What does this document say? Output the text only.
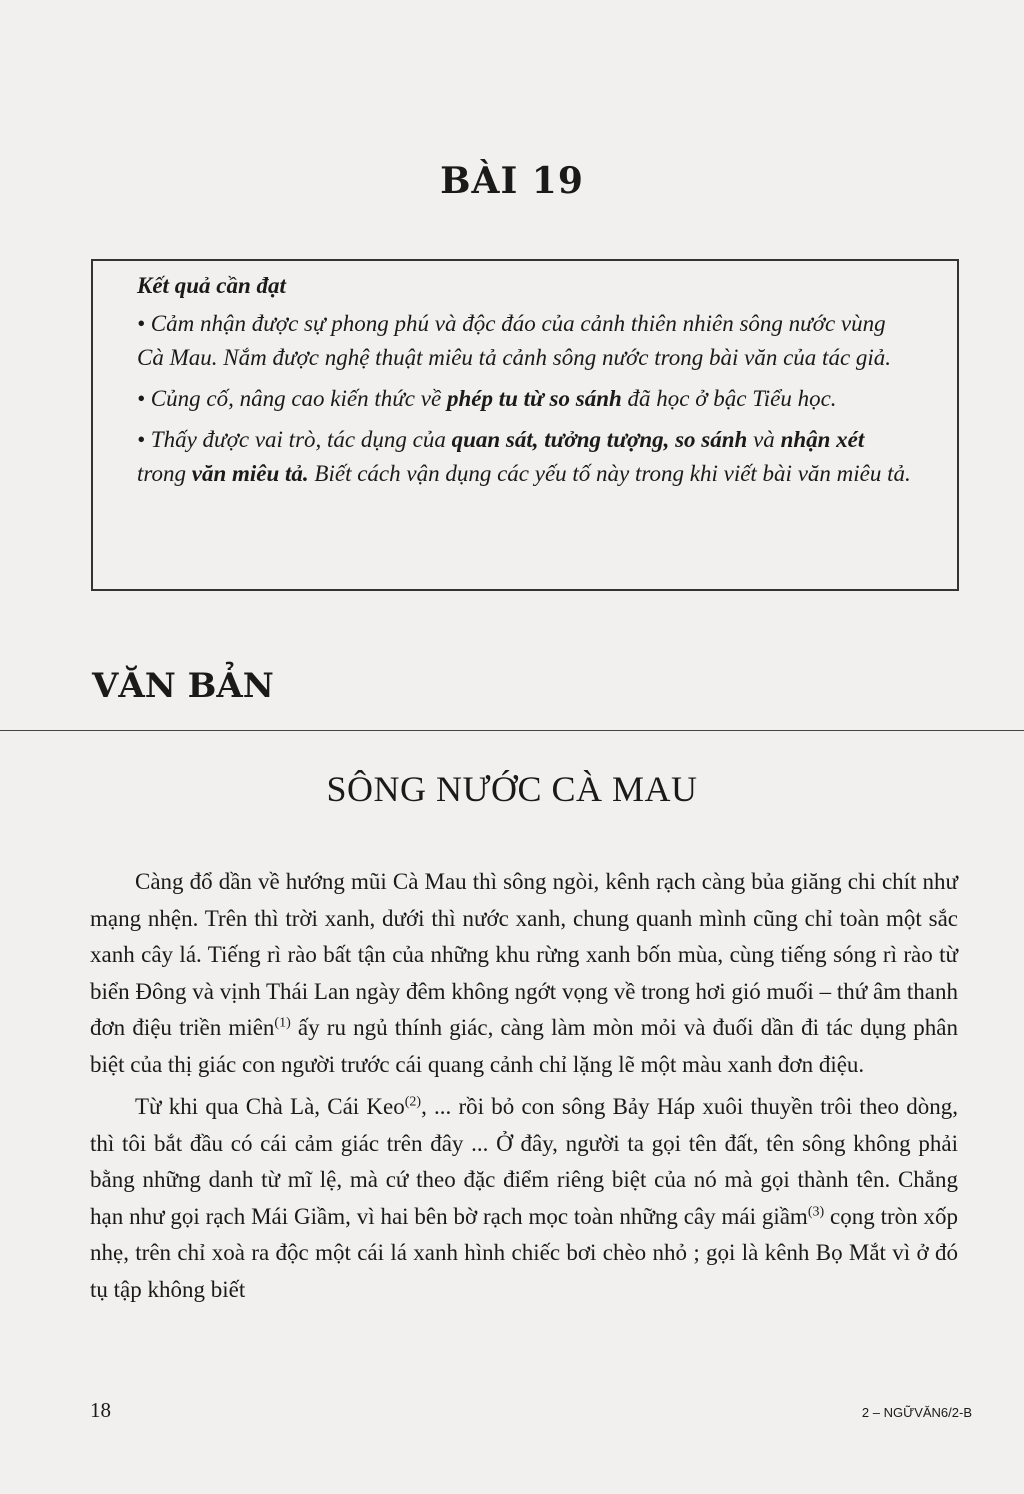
BÀI 19

Kết quả cần đạt

• Cảm nhận được sự phong phú và độc đáo của cảnh thiên nhiên sông nước vùng Cà Mau. Nắm được nghệ thuật miêu tả cảnh sông nước trong bài văn của tác giả.

• Củng cố, nâng cao kiến thức về phép tu từ so sánh đã học ở bậc Tiểu học.

• Thấy được vai trò, tác dụng của quan sát, tưởng tượng, so sánh và nhận xét trong văn miêu tả. Biết cách vận dụng các yếu tố này trong khi viết bài văn miêu tả.

VĂN BẢN
SÔNG NƯỚC CÀ MAU

Càng đổ dần về hướng mũi Cà Mau thì sông ngòi, kênh rạch càng bủa giăng chi chít như mạng nhện. Trên thì trời xanh, dưới thì nước xanh, chung quanh mình cũng chỉ toàn một sắc xanh cây lá. Tiếng rì rào bất tận của những khu rừng xanh bốn mùa, cùng tiếng sóng rì rào từ biển Đông và vịnh Thái Lan ngày đêm không ngớt vọng về trong hơi gió muối – thứ âm thanh đơn điệu triền miên$^{(1)}$ ấy ru ngủ thính giác, càng làm mòn mỏi và đuối dần đi tác dụng phân biệt của thị giác con người trước cái quang cảnh chỉ lặng lẽ một màu xanh đơn điệu.

Từ khi qua Chà Là, Cái Keo$^{(2)}$, ... rồi bỏ con sông Bảy Háp xuôi thuyền trôi theo dòng, thì tôi bắt đầu có cái cảm giác trên đây ... Ở đây, người ta gọi tên đất, tên sông không phải bằng những danh từ mĩ lệ, mà cứ theo đặc điểm riêng biệt của nó mà gọi thành tên. Chẳng hạn như gọi rạch Mái Giầm, vì hai bên bờ rạch mọc toàn những cây mái giầm$^{(3)}$ cọng tròn xốp nhẹ, trên chỉ xoà ra độc một cái lá xanh hình chiếc bơi chèo nhỏ ; gọi là kênh Bọ Mắt vì ở đó tụ tập không biết

18	2 – NGỮVĂN6/2-B
